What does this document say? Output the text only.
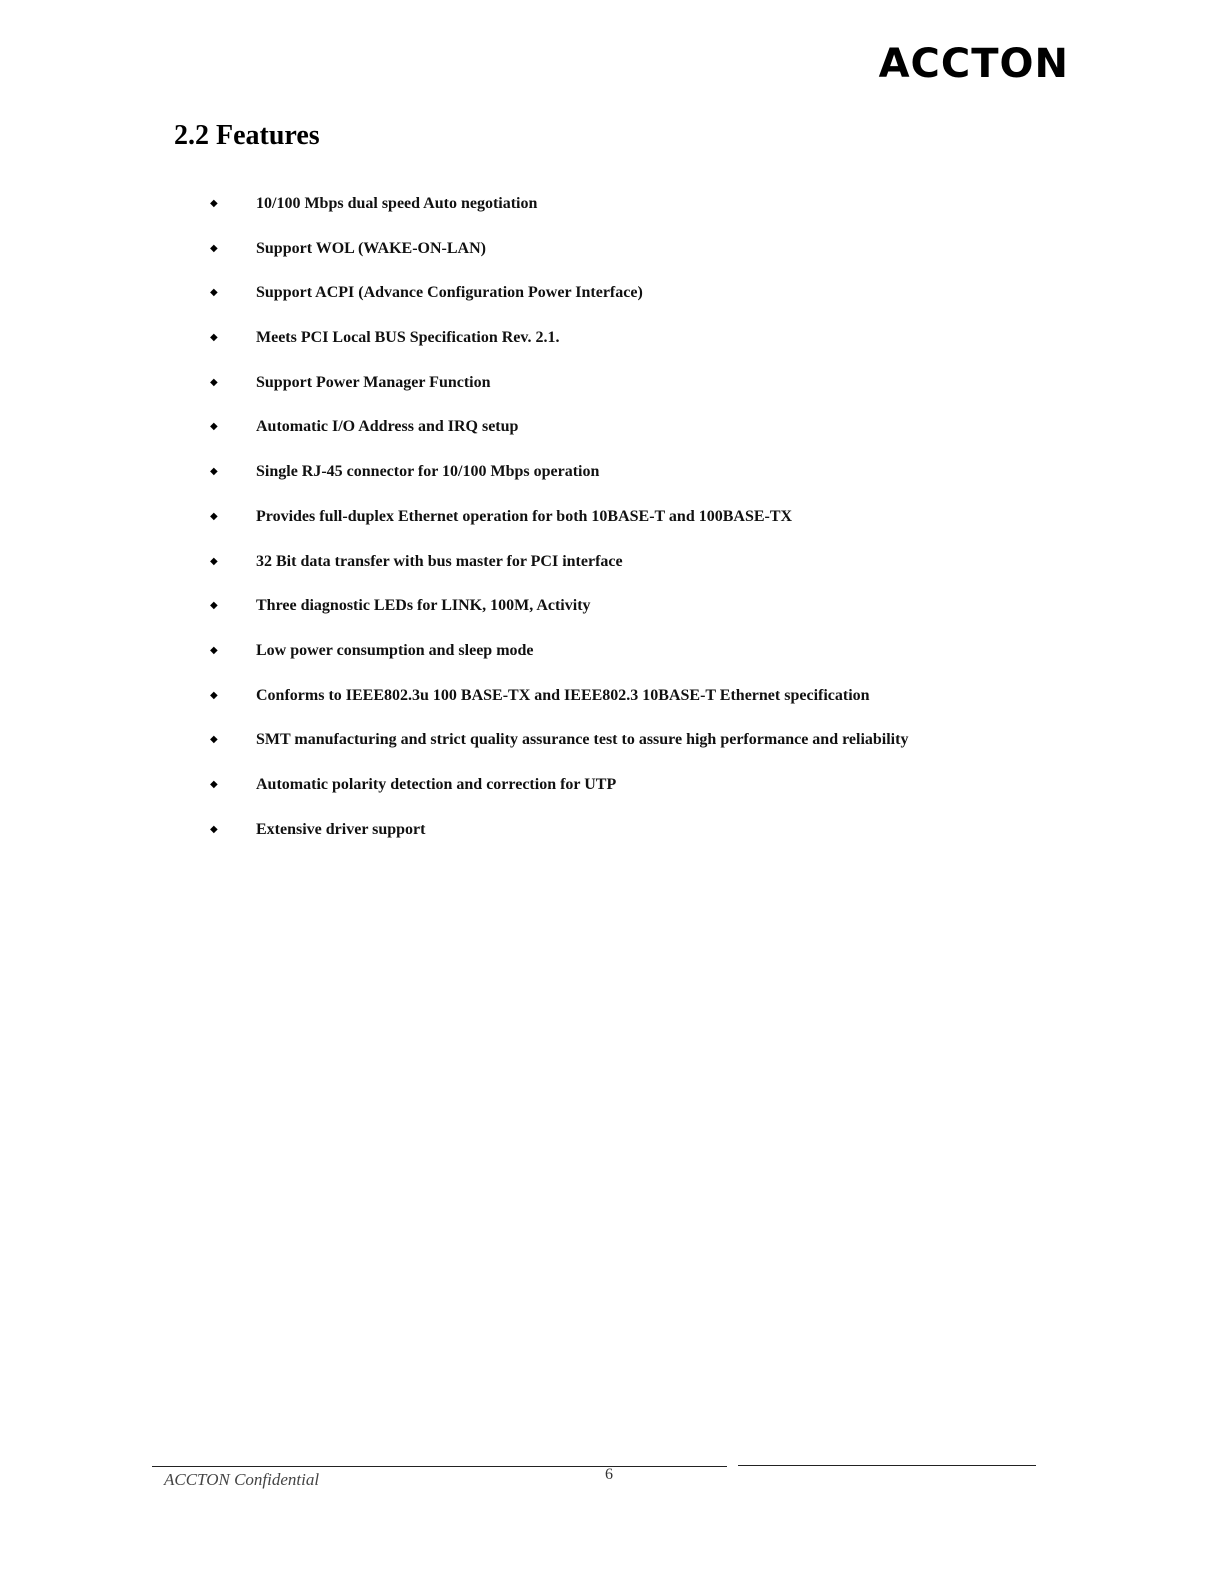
ACCTON
2.2 Features
◆	10/100 Mbps dual speed Auto negotiation
◆	Support WOL (WAKE-ON-LAN)
◆	Support ACPI (Advance Configuration Power Interface)
◆	Meets PCI Local BUS Specification Rev. 2.1.
◆	Support Power Manager Function
◆	Automatic I/O Address and IRQ setup
◆	Single RJ-45 connector for 10/100 Mbps operation
◆	Provides full-duplex Ethernet operation for both 10BASE-T and 100BASE-TX
◆	32 Bit data transfer with bus master for PCI interface
◆	Three diagnostic LEDs for LINK, 100M, Activity
◆	Low power consumption and sleep mode
◆	Conforms to IEEE802.3u 100 BASE-TX and IEEE802.3 10BASE-T Ethernet specification
◆	SMT manufacturing and strict quality assurance test to assure high performance and reliability
◆	Automatic polarity detection and correction for UTP
◆	Extensive driver support
ACCTON Confidential	6
